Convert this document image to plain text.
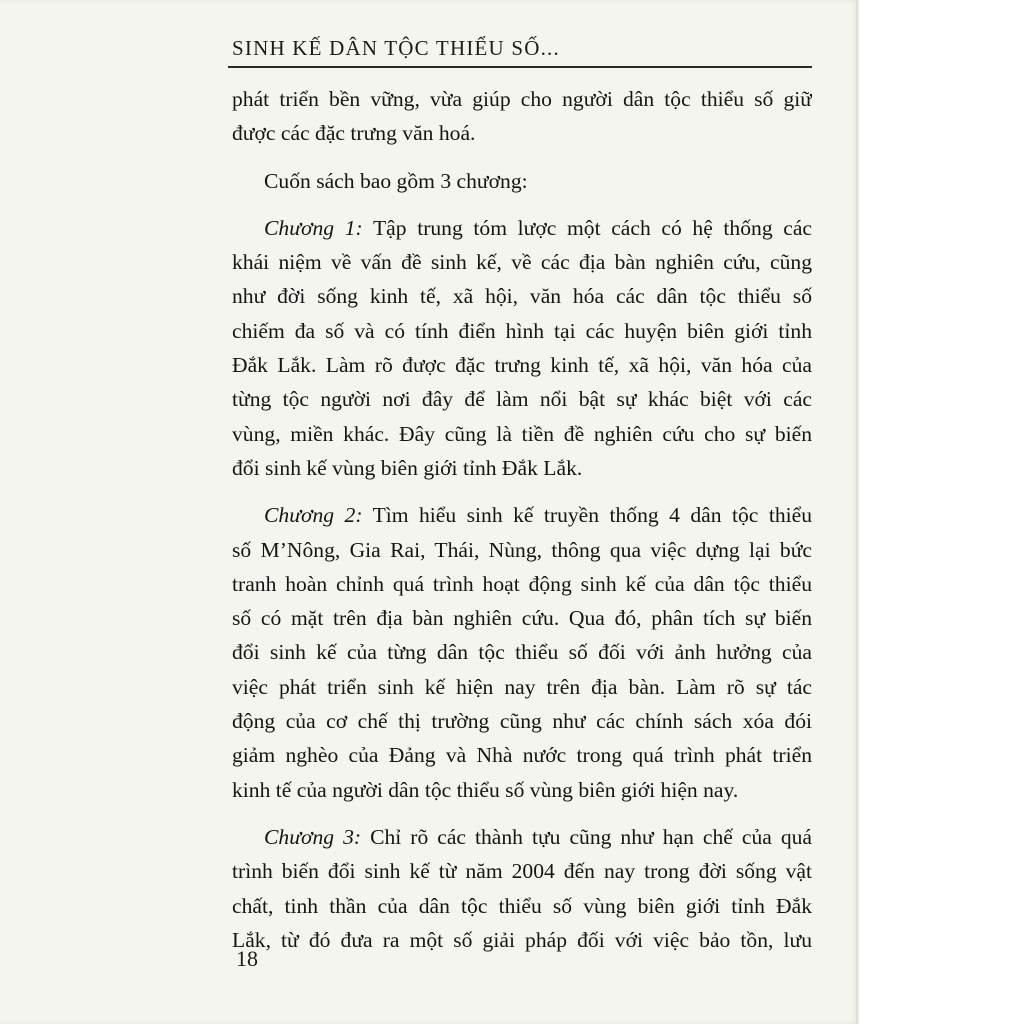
SINH KẾ DÂN TỘC THIỂU SỐ...

phát triển bền vững, vừa giúp cho người dân tộc thiểu số giữ
được các đặc trưng văn hoá.

Cuốn sách bao gồm 3 chương:

Chương 1: Tập trung tóm lược một cách có hệ thống các
khái niệm về vấn đề sinh kế, về các địa bàn nghiên cứu, cũng
như đời sống kinh tế, xã hội, văn hóa các dân tộc thiểu số
chiếm đa số và có tính điển hình tại các huyện biên giới tỉnh
Đắk Lắk. Làm rõ được đặc trưng kinh tế, xã hội, văn hóa của
từng tộc người nơi đây để làm nổi bật sự khác biệt với các
vùng, miền khác. Đây cũng là tiền đề nghiên cứu cho sự biến
đổi sinh kế vùng biên giới tỉnh Đắk Lắk.

Chương 2: Tìm hiểu sinh kế truyền thống 4 dân tộc thiểu
số M’Nông, Gia Rai, Thái, Nùng, thông qua việc dựng lại bức
tranh hoàn chỉnh quá trình hoạt động sinh kế của dân tộc thiểu
số có mặt trên địa bàn nghiên cứu. Qua đó, phân tích sự biến
đổi sinh kế của từng dân tộc thiểu số đối với ảnh hưởng của
việc phát triển sinh kế hiện nay trên địa bàn. Làm rõ sự tác
động của cơ chế thị trường cũng như các chính sách xóa đói
giảm nghèo của Đảng và Nhà nước trong quá trình phát triển
kinh tế của người dân tộc thiểu số vùng biên giới hiện nay.

Chương 3: Chỉ rõ các thành tựu cũng như hạn chế của quá
trình biến đổi sinh kế từ năm 2004 đến nay trong đời sống vật
chất, tinh thần của dân tộc thiểu số vùng biên giới tỉnh Đắk
Lắk, từ đó đưa ra một số giải pháp đối với việc bảo tồn, lưu

18
